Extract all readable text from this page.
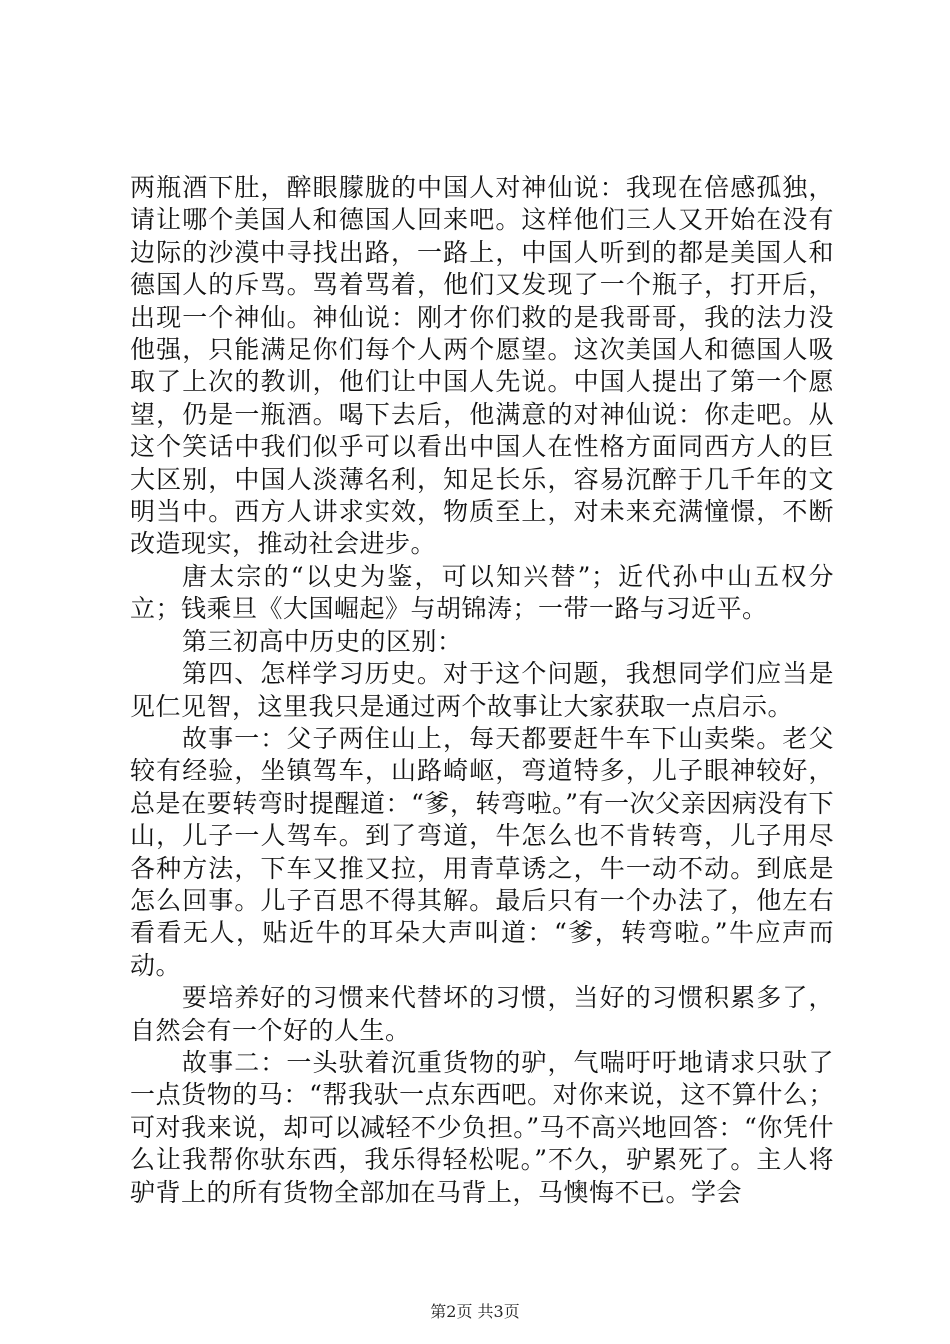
两瓶酒下肚，醉眼朦胧的中国人对神仙说：我现在倍感孤独，请让哪个美国人和德国人回来吧。这样他们三人又开始在没有边际的沙漠中寻找出路，一路上，中国人听到的都是美国人和德国人的斥骂。骂着骂着，他们又发现了一个瓶子，打开后，出现一个神仙。神仙说：刚才你们救的是我哥哥，我的法力没他强，只能满足你们每个人两个愿望。这次美国人和德国人吸取了上次的教训，他们让中国人先说。中国人提出了第一个愿望，仍是一瓶酒。喝下去后，他满意的对神仙说：你走吧。从这个笑话中我们似乎可以看出中国人在性格方面同西方人的巨大区别，中国人淡薄名利，知足长乐，容易沉醉于几千年的文明当中。西方人讲求实效，物质至上，对未来充满憧憬，不断改造现实，推动社会进步。

唐太宗的“以史为鉴，可以知兴替”；近代孙中山五权分立；钱乘旦《大国崛起》与胡锦涛；一带一路与习近平。

第三初高中历史的区别：

第四、怎样学习历史。对于这个问题，我想同学们应当是见仁见智，这里我只是通过两个故事让大家获取一点启示。

故事一：父子两住山上，每天都要赶牛车下山卖柴。老父较有经验，坐镇驾车，山路崎岖，弯道特多，儿子眼神较好，总是在要转弯时提醒道：“爹，转弯啦。”有一次父亲因病没有下山，儿子一人驾车。到了弯道，牛怎么也不肯转弯，儿子用尽各种方法，下车又推又拉，用青草诱之，牛一动不动。到底是怎么回事。儿子百思不得其解。最后只有一个办法了，他左右看看无人，贴近牛的耳朵大声叫道：“爹，转弯啦。”牛应声而动。

要培养好的习惯来代替坏的习惯，当好的习惯积累多了，自然会有一个好的人生。

故事二：一头驮着沉重货物的驴，气喘吁吁地请求只驮了一点货物的马：“帮我驮一点东西吧。对你来说，这不算什么；可对我来说，却可以减轻不少负担。”马不高兴地回答：“你凭什么让我帮你驮东西，我乐得轻松呢。”不久，驴累死了。主人将驴背上的所有货物全部加在马背上，马懊悔不已。学会

第2页 共3页
